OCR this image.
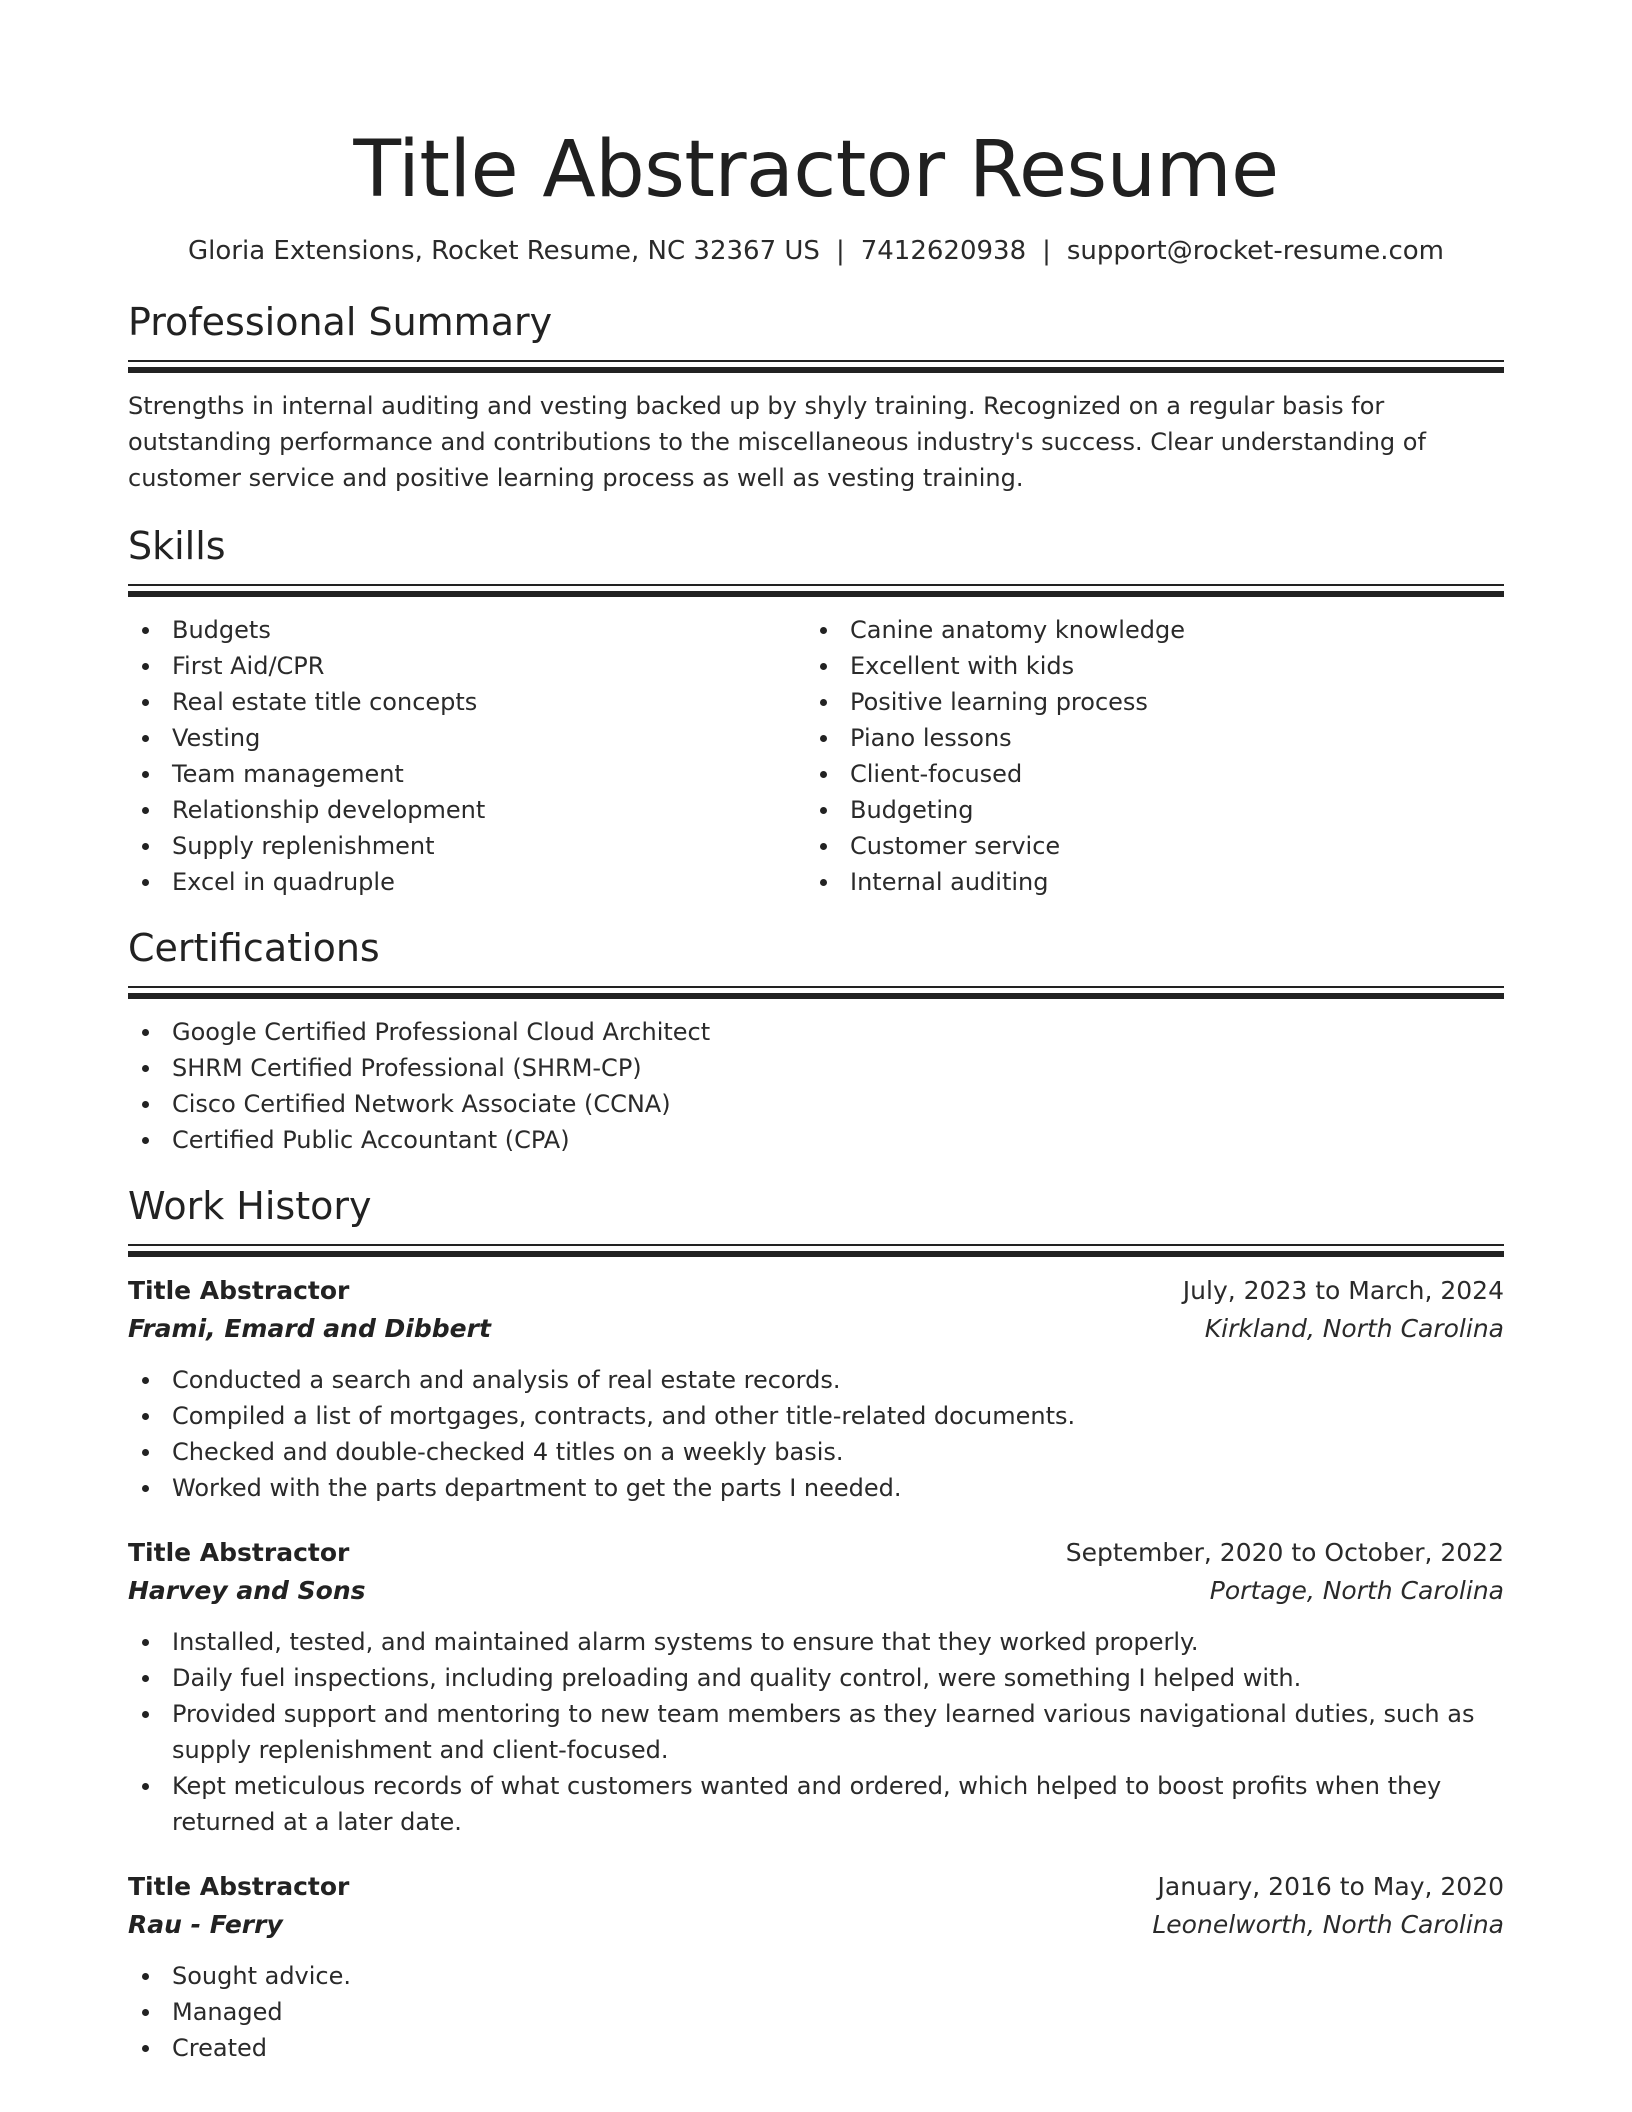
Title Abstractor Resume
Gloria Extensions, Rocket Resume, NC 32367 US | 7412620938 | support@rocket-resume.com
Professional Summary

Strengths in internal auditing and vesting backed up by shyly training. Recognized on a regular basis for outstanding performance and contributions to the miscellaneous industry's success. Clear understanding of customer service and positive learning process as well as vesting training.

Skills
Budgets
First Aid/CPR
Real estate title concepts
Vesting
Team management
Relationship development
Supply replenishment
Excel in quadruple
Canine anatomy knowledge
Excellent with kids
Positive learning process
Piano lessons
Client-focused
Budgeting
Customer service
Internal auditing
Certifications
Google Certified Professional Cloud Architect
SHRM Certified Professional (SHRM-CP)
Cisco Certified Network Associate (CCNA)
Certified Public Accountant (CPA)
Work History
Title Abstractor	July, 2023 to March, 2024
Frami, Emard and Dibbert	Kirkland, North Carolina
Conducted a search and analysis of real estate records.
Compiled a list of mortgages, contracts, and other title-related documents.
Checked and double-checked 4 titles on a weekly basis.
Worked with the parts department to get the parts I needed.
Title Abstractor	September, 2020 to October, 2022
Harvey and Sons	Portage, North Carolina
Installed, tested, and maintained alarm systems to ensure that they worked properly.
Daily fuel inspections, including preloading and quality control, were something I helped with.
Provided support and mentoring to new team members as they learned various navigational duties, such as supply replenishment and client-focused.
Kept meticulous records of what customers wanted and ordered, which helped to boost profits when they returned at a later date.
Title Abstractor	January, 2016 to May, 2020
Rau - Ferry	Leonelworth, North Carolina
Sought advice.
Managed
Created
